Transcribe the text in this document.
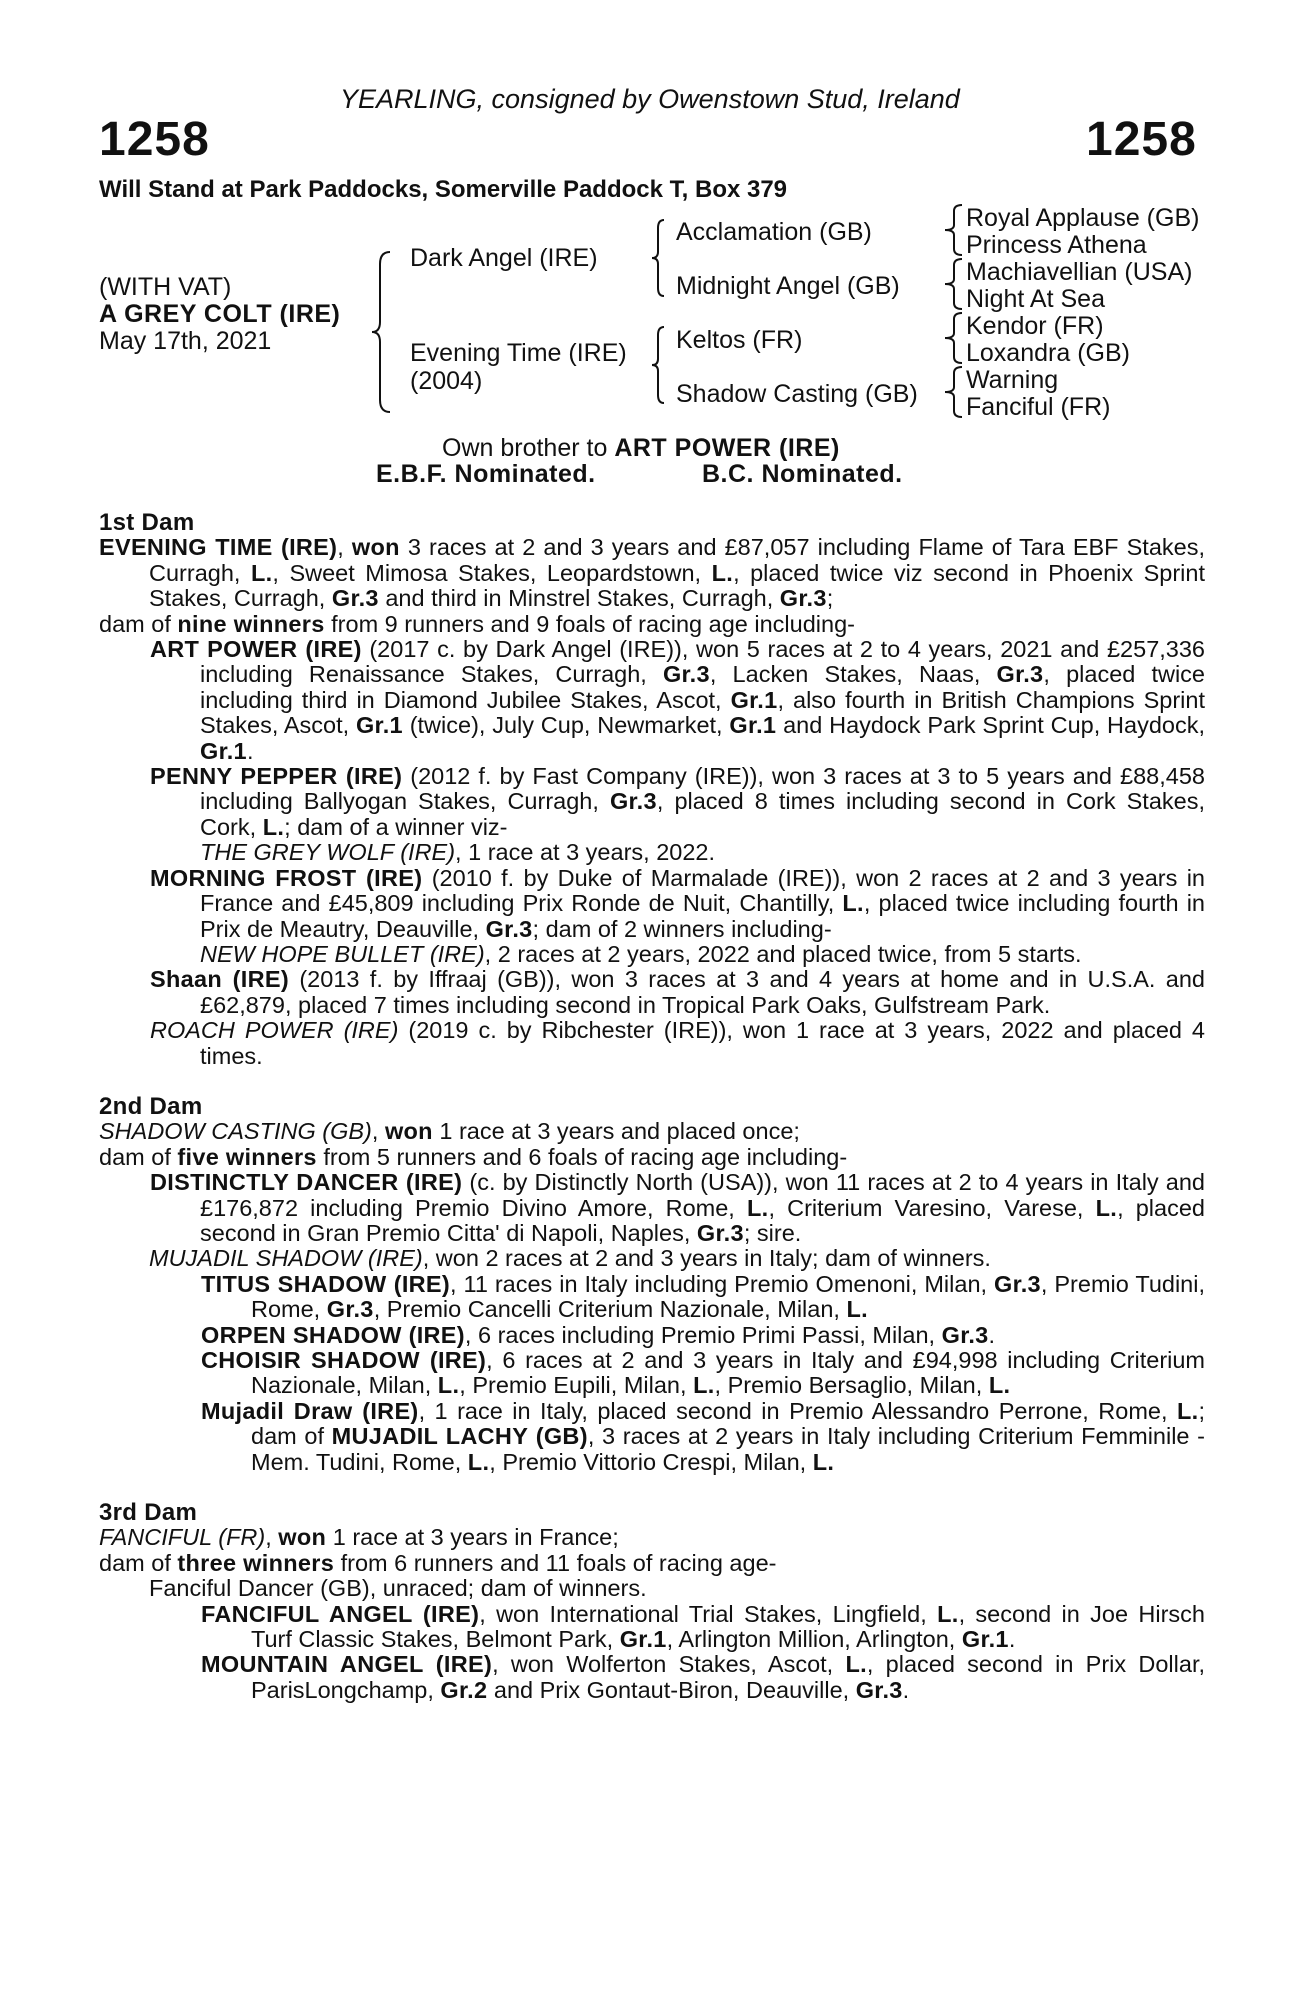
YEARLING, consigned by Owenstown Stud, Ireland
1258	1258
Will Stand at Park Paddocks, Somerville Paddock T, Box 379
(WITH VAT)
A GREY COLT (IRE)
May 17th, 2021
Dark Angel (IRE)
Evening Time (IRE)
(2004)
Acclamation (GB)
Midnight Angel (GB)
Keltos (FR)
Shadow Casting (GB)
Royal Applause (GB)
Princess Athena
Machiavellian (USA)
Night At Sea
Kendor (FR)
Loxandra (GB)
Warning
Fanciful (FR)
Own brother to ART POWER (IRE)
E.B.F. Nominated.	B.C. Nominated.
1st Dam
EVENING TIME (IRE), won 3 races at 2 and 3 years and £87,057 including Flame of Tara EBF Stakes, Curragh, L., Sweet Mimosa Stakes, Leopardstown, L., placed twice viz second in Phoenix Sprint Stakes, Curragh, Gr.3 and third in Minstrel Stakes, Curragh, Gr.3;
dam of nine winners from 9 runners and 9 foals of racing age including-
ART POWER (IRE) (2017 c. by Dark Angel (IRE)), won 5 races at 2 to 4 years, 2021 and £257,336 including Renaissance Stakes, Curragh, Gr.3, Lacken Stakes, Naas, Gr.3, placed twice including third in Diamond Jubilee Stakes, Ascot, Gr.1, also fourth in British Champions Sprint Stakes, Ascot, Gr.1 (twice), July Cup, Newmarket, Gr.1 and Haydock Park Sprint Cup, Haydock, Gr.1.
PENNY PEPPER (IRE) (2012 f. by Fast Company (IRE)), won 3 races at 3 to 5 years and £88,458 including Ballyogan Stakes, Curragh, Gr.3, placed 8 times including second in Cork Stakes, Cork, L.; dam of a winner viz-
THE GREY WOLF (IRE), 1 race at 3 years, 2022.
MORNING FROST (IRE) (2010 f. by Duke of Marmalade (IRE)), won 2 races at 2 and 3 years in France and £45,809 including Prix Ronde de Nuit, Chantilly, L., placed twice including fourth in Prix de Meautry, Deauville, Gr.3; dam of 2 winners including-
NEW HOPE BULLET (IRE), 2 races at 2 years, 2022 and placed twice, from 5 starts.
Shaan (IRE) (2013 f. by Iffraaj (GB)), won 3 races at 3 and 4 years at home and in U.S.A. and £62,879, placed 7 times including second in Tropical Park Oaks, Gulfstream Park.
ROACH POWER (IRE) (2019 c. by Ribchester (IRE)), won 1 race at 3 years, 2022 and placed 4 times.
2nd Dam
SHADOW CASTING (GB), won 1 race at 3 years and placed once;
dam of five winners from 5 runners and 6 foals of racing age including-
DISTINCTLY DANCER (IRE) (c. by Distinctly North (USA)), won 11 races at 2 to 4 years in Italy and £176,872 including Premio Divino Amore, Rome, L., Criterium Varesino, Varese, L., placed second in Gran Premio Citta' di Napoli, Naples, Gr.3; sire.
MUJADIL SHADOW (IRE), won 2 races at 2 and 3 years in Italy; dam of winners.
TITUS SHADOW (IRE), 11 races in Italy including Premio Omenoni, Milan, Gr.3, Premio Tudini, Rome, Gr.3, Premio Cancelli Criterium Nazionale, Milan, L.
ORPEN SHADOW (IRE), 6 races including Premio Primi Passi, Milan, Gr.3.
CHOISIR SHADOW (IRE), 6 races at 2 and 3 years in Italy and £94,998 including Criterium Nazionale, Milan, L., Premio Eupili, Milan, L., Premio Bersaglio, Milan, L.
Mujadil Draw (IRE), 1 race in Italy, placed second in Premio Alessandro Perrone, Rome, L.; dam of MUJADIL LACHY (GB), 3 races at 2 years in Italy including Criterium Femminile - Mem. Tudini, Rome, L., Premio Vittorio Crespi, Milan, L.
3rd Dam
FANCIFUL (FR), won 1 race at 3 years in France;
dam of three winners from 6 runners and 11 foals of racing age-
Fanciful Dancer (GB), unraced; dam of winners.
FANCIFUL ANGEL (IRE), won International Trial Stakes, Lingfield, L., second in Joe Hirsch Turf Classic Stakes, Belmont Park, Gr.1, Arlington Million, Arlington, Gr.1.
MOUNTAIN ANGEL (IRE), won Wolferton Stakes, Ascot, L., placed second in Prix Dollar, ParisLongchamp, Gr.2 and Prix Gontaut-Biron, Deauville, Gr.3.
